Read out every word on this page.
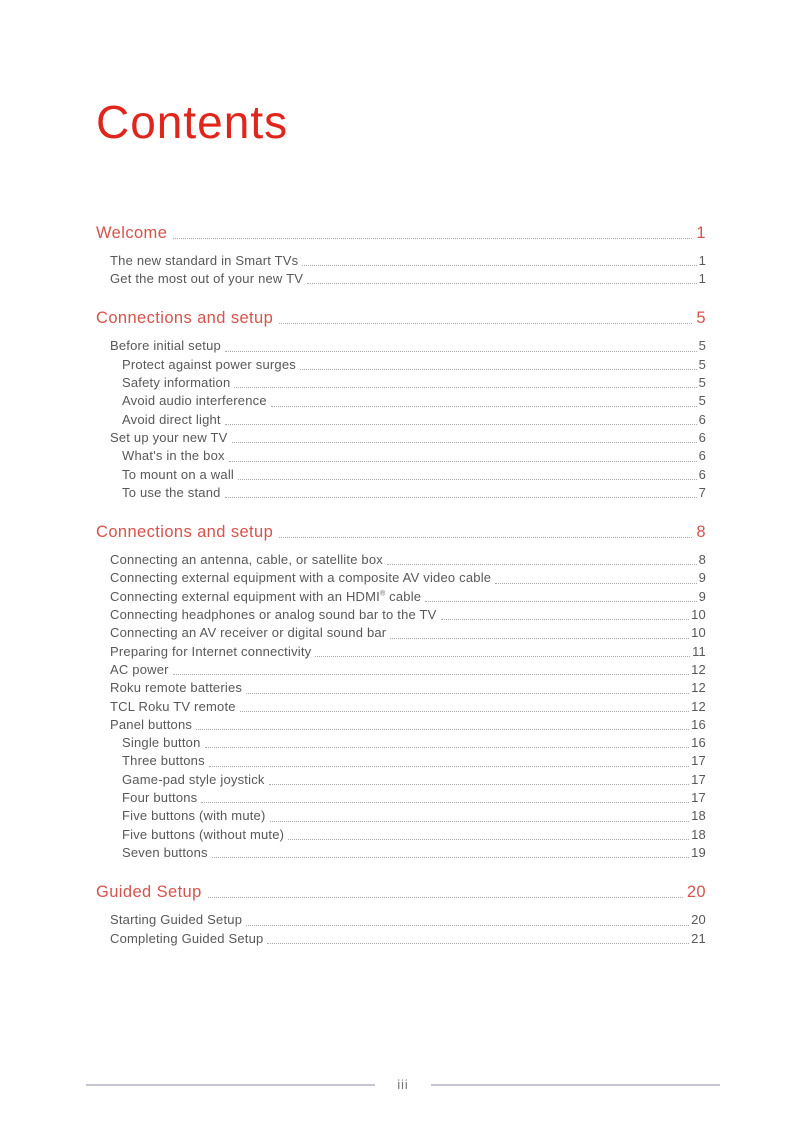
Contents
Welcome	1
The new standard in Smart TVs	1
Get the most out of your new TV	1
Connections and setup	5
Before initial setup	5
Protect against power surges	5
Safety information	5
Avoid audio interference	5
Avoid direct light	6
Set up your new TV	6
What's in the box	6
To mount on a wall	6
To use the stand	7
Connections and setup	8
Connecting an antenna, cable, or satellite box	8
Connecting external equipment with a composite AV video cable	9
Connecting external equipment with an HDMI® cable	9
Connecting headphones or analog sound bar to the TV	10
Connecting an AV receiver or digital sound bar	10
Preparing for Internet connectivity	11
AC power	12
Roku remote batteries	12
TCL Roku TV remote	12
Panel buttons	16
Single button	16
Three buttons	17
Game-pad style joystick	17
Four buttons	17
Five buttons (with mute)	18
Five buttons (without mute)	18
Seven buttons	19
Guided Setup	20
Starting Guided Setup	20
Completing Guided Setup	21
iii
